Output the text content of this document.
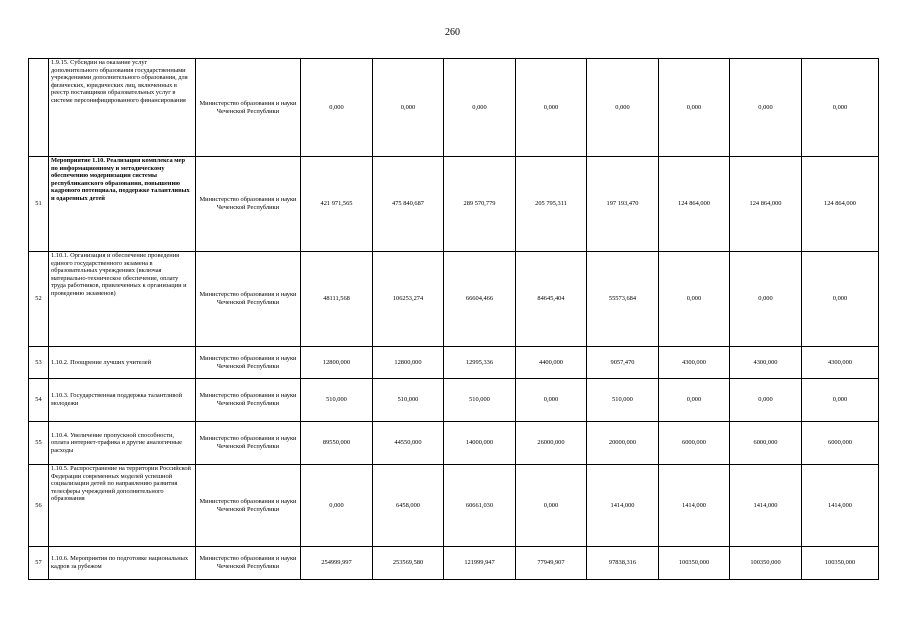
260
	1.9.15. Субсидии на оказание услуг дополнительного образования государственными учреждениями дополнительного образования, для физических, юридических лиц, включенных в реестр поставщиков образовательных услуг в системе персонифицированного финансирования	Министерство образования и науки Чеченской Республики	0,000	0,000	0,000	0,000	0,000	0,000	0,000	0,000
51	Мероприятие 1.10. Реализация комплекса мер по информационному и методическому обеспечению модернизации системы республиканского образования, повышению кадрового потенциала, поддержке талантливых и одаренных детей	Министерство образования и науки Чеченской Республики	421 971,565	475 840,687	289 570,779	205 795,311	197 193,470	124 864,000	124 864,000	124 864,000
52	1.10.1. Организация и обеспечение проведения единого государственного экзамена в образовательных учреждениях (включая материально-техническое обеспечение, оплату труда работников, привлеченных к организации и проведению экзаменов)	Министерство образования и науки Чеченской Республики	48111,568	106253,274	66604,466	84645,404	55573,684	0,000	0,000	0,000
53	1.10.2. Поощрение лучших учителей	Министерство образования и науки Чеченской Республики	12800,000	12800,000	12995,336	4400,000	9057,470	4300,000	4300,000	4300,000
54	1.10.3. Государственная поддержка талантливой молодежи	Министерство образования и науки Чеченской Республики	510,000	510,000	510,000	0,000	510,000	0,000	0,000	0,000
55	1.10.4. Увеличение пропускной способности, оплата интернет-трафика и другие аналогичные расходы	Министерство образования и науки Чеченской Республики	89550,000	44550,000	14000,000	26000,000	20000,000	6000,000	6000,000	6000,000
56	1.10.5. Распространение на территории Российской Федерации современных моделей успешной социализации детей по направлению развития телесферы учреждений дополнительного образования	Министерство образования и науки Чеченской Республики	0,000	6458,000	60661,030	0,000	1414,000	1414,000	1414,000	1414,000
57	1.10.6. Мероприятия по подготовке национальных кадров за рубежом	Министерство образования и науки Чеченской Республики	254999,997	253569,580	121999,947	77949,907	97838,316	100350,000	100350,000	100350,000
